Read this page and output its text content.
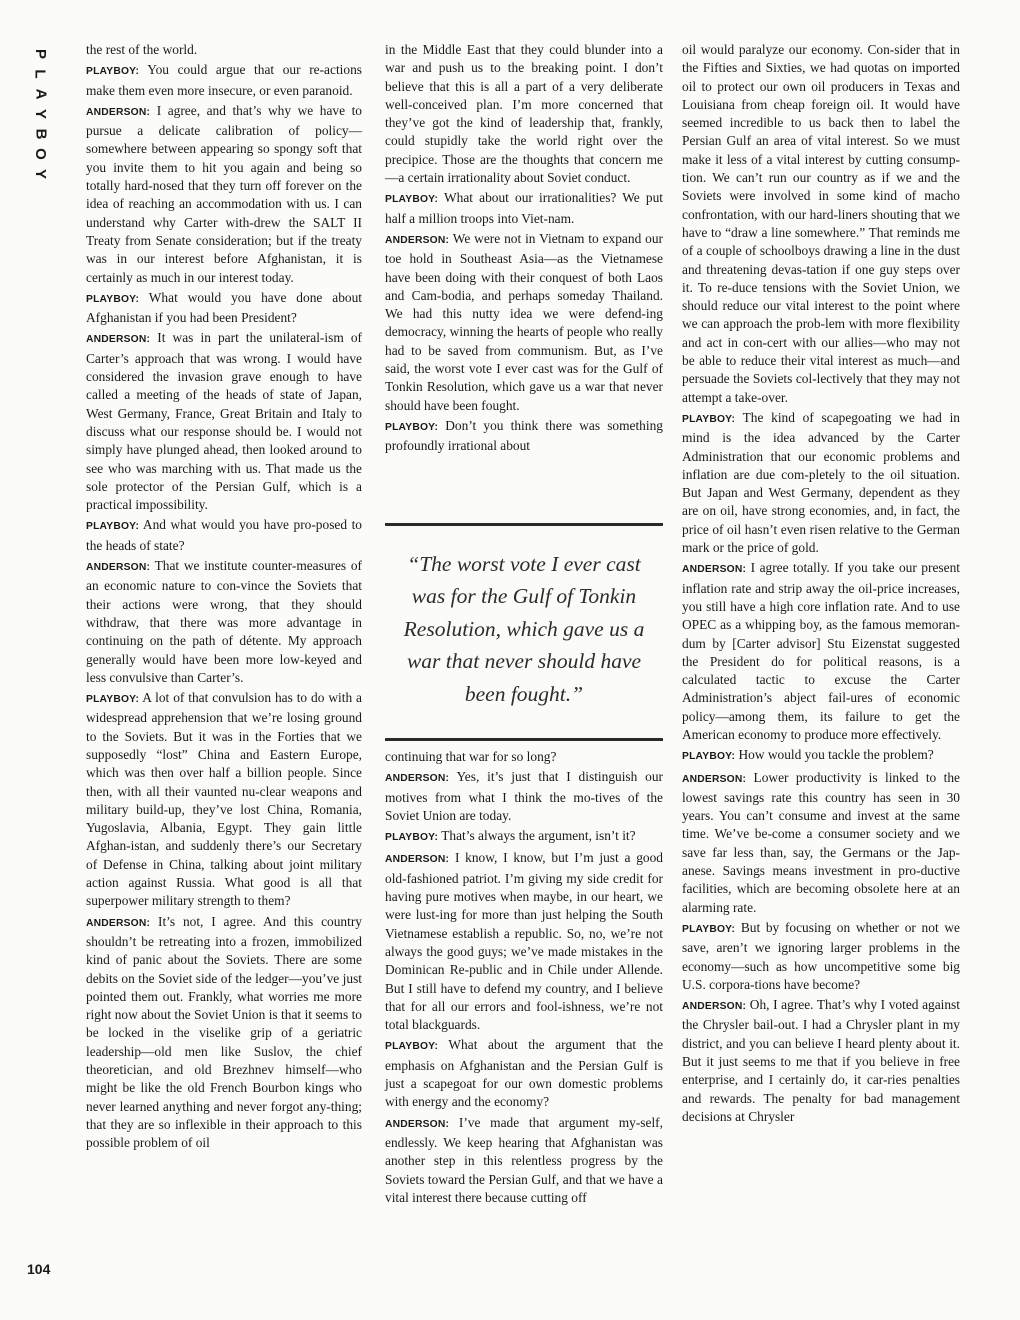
P
L
A
Y
B
O
Y
104

the rest of the world.

PLAYBOY: You could argue that our re-actions make them even more insecure, or even paranoid.

ANDERSON: I agree, and that’s why we have to pursue a delicate calibration of policy—somewhere between appearing so spongy soft that you invite them to hit you again and being so totally hard-nosed that they turn off forever on the idea of reaching an accommodation with us. I can understand why Carter with-drew the SALT II Treaty from Senate consideration; but if the treaty was in our interest before Afghanistan, it is certainly as much in our interest today.

PLAYBOY: What would you have done about Afghanistan if you had been President?

ANDERSON: It was in part the unilateral-ism of Carter’s approach that was wrong. I would have considered the invasion grave enough to have called a meeting of the heads of state of Japan, West Germany, France, Great Britain and Italy to discuss what our response should be. I would not simply have plunged ahead, then looked around to see who was marching with us. That made us the sole protector of the Persian Gulf, which is a practical impossibility.

PLAYBOY: And what would you have pro-posed to the heads of state?

ANDERSON: That we institute counter-measures of an economic nature to con-vince the Soviets that their actions were wrong, that they should withdraw, that there was more advantage in continuing on the path of détente. My approach generally would have been more low-keyed and less convulsive than Carter’s.

PLAYBOY: A lot of that convulsion has to do with a widespread apprehension that we’re losing ground to the Soviets. But it was in the Forties that we supposedly “lost” China and Eastern Europe, which was then over half a billion people. Since then, with all their vaunted nu-clear weapons and military build-up, they’ve lost China, Romania, Yugoslavia, Albania, Egypt. They gain little Afghan-istan, and suddenly there’s our Secretary of Defense in China, talking about joint military action against Russia. What good is all that superpower military strength to them?

ANDERSON: It’s not, I agree. And this country shouldn’t be retreating into a frozen, immobilized kind of panic about the Soviets. There are some debits on the Soviet side of the ledger—you’ve just pointed them out. Frankly, what worries me more right now about the Soviet Union is that it seems to be locked in the viselike grip of a geriatric leadership—old men like Suslov, the chief theoretician, and old Brezhnev himself—who might be like the old French Bourbon kings who never learned anything and never forgot any-thing; that they are so inflexible in their approach to this possible problem of oil

in the Middle East that they could blunder into a war and push us to the breaking point. I don’t believe that this is all a part of a very deliberate well-conceived plan. I’m more concerned that they’ve got the kind of leadership that, frankly, could stupidly take the world right over the precipice. Those are the thoughts that concern me—a certain irrationality about Soviet conduct.

PLAYBOY: What about our irrationalities? We put half a million troops into Viet-nam.

ANDERSON: We were not in Vietnam to expand our toe hold in Southeast Asia—as the Vietnamese have been doing with their conquest of both Laos and Cam-bodia, and perhaps someday Thailand. We had this nutty idea we were defend-ing democracy, winning the hearts of people who really had to be saved from communism. But, as I’ve said, the worst vote I ever cast was for the Gulf of Tonkin Resolution, which gave us a war that never should have been fought.

PLAYBOY: Don’t you think there was something profoundly irrational about

“The worst vote I ever cast was for the Gulf of Tonkin Resolution, which gave us a war that never should have been fought.”

continuing that war for so long?

ANDERSON: Yes, it’s just that I distinguish our motives from what I think the mo-tives of the Soviet Union are today.

PLAYBOY: That’s always the argument, isn’t it?

ANDERSON: I know, I know, but I’m just a good old-fashioned patriot. I’m giving my side credit for having pure motives when maybe, in our heart, we were lust-ing for more than just helping the South Vietnamese establish a republic. So, no, we’re not always the good guys; we’ve made mistakes in the Dominican Re-public and in Chile under Allende. But I still have to defend my country, and I believe that for all our errors and fool-ishness, we’re not total blackguards.

PLAYBOY: What about the argument that the emphasis on Afghanistan and the Persian Gulf is just a scapegoat for our own domestic problems with energy and the economy?

ANDERSON: I’ve made that argument my-self, endlessly. We keep hearing that Afghanistan was another step in this relentless progress by the Soviets toward the Persian Gulf, and that we have a vital interest there because cutting off

oil would paralyze our economy. Con-sider that in the Fifties and Sixties, we had quotas on imported oil to protect our own oil producers in Texas and Louisiana from cheap foreign oil. It would have seemed incredible to us back then to label the Persian Gulf an area of vital interest. So we must make it less of a vital interest by cutting consump-tion. We can’t run our country as if we and the Soviets were involved in some kind of macho confrontation, with our hard-liners shouting that we have to “draw a line somewhere.” That reminds me of a couple of schoolboys drawing a line in the dust and threatening devas-tation if one guy steps over it. To re-duce tensions with the Soviet Union, we should reduce our vital interest to the point where we can approach the prob-lem with more flexibility and act in con-cert with our allies—who may not be able to reduce their vital interest as much—and persuade the Soviets col-lectively that they may not attempt a take-over.

PLAYBOY: The kind of scapegoating we had in mind is the idea advanced by the Carter Administration that our economic problems and inflation are due com-pletely to the oil situation. But Japan and West Germany, dependent as they are on oil, have strong economies, and, in fact, the price of oil hasn’t even risen relative to the German mark or the price of gold.

ANDERSON: I agree totally. If you take our present inflation rate and strip away the oil-price increases, you still have a high core inflation rate. And to use OPEC as a whipping boy, as the famous memoran-dum by [Carter advisor] Stu Eizenstat suggested the President do for political reasons, is a calculated tactic to excuse the Carter Administration’s abject fail-ures of economic policy—among them, its failure to get the American economy to produce more effectively.

PLAYBOY: How would you tackle the problem?

ANDERSON: Lower productivity is linked to the lowest savings rate this country has seen in 30 years. You can’t consume and invest at the same time. We’ve be-come a consumer society and we save far less than, say, the Germans or the Jap-anese. Savings means investment in pro-ductive facilities, which are becoming obsolete here at an alarming rate.

PLAYBOY: But by focusing on whether or not we save, aren’t we ignoring larger problems in the economy—such as how uncompetitive some big U.S. corpora-tions have become?

ANDERSON: Oh, I agree. That’s why I voted against the Chrysler bail-out. I had a Chrysler plant in my district, and you can believe I heard plenty about it. But it just seems to me that if you believe in free enterprise, and I certainly do, it car-ries penalties and rewards. The penalty for bad management decisions at Chrysler
